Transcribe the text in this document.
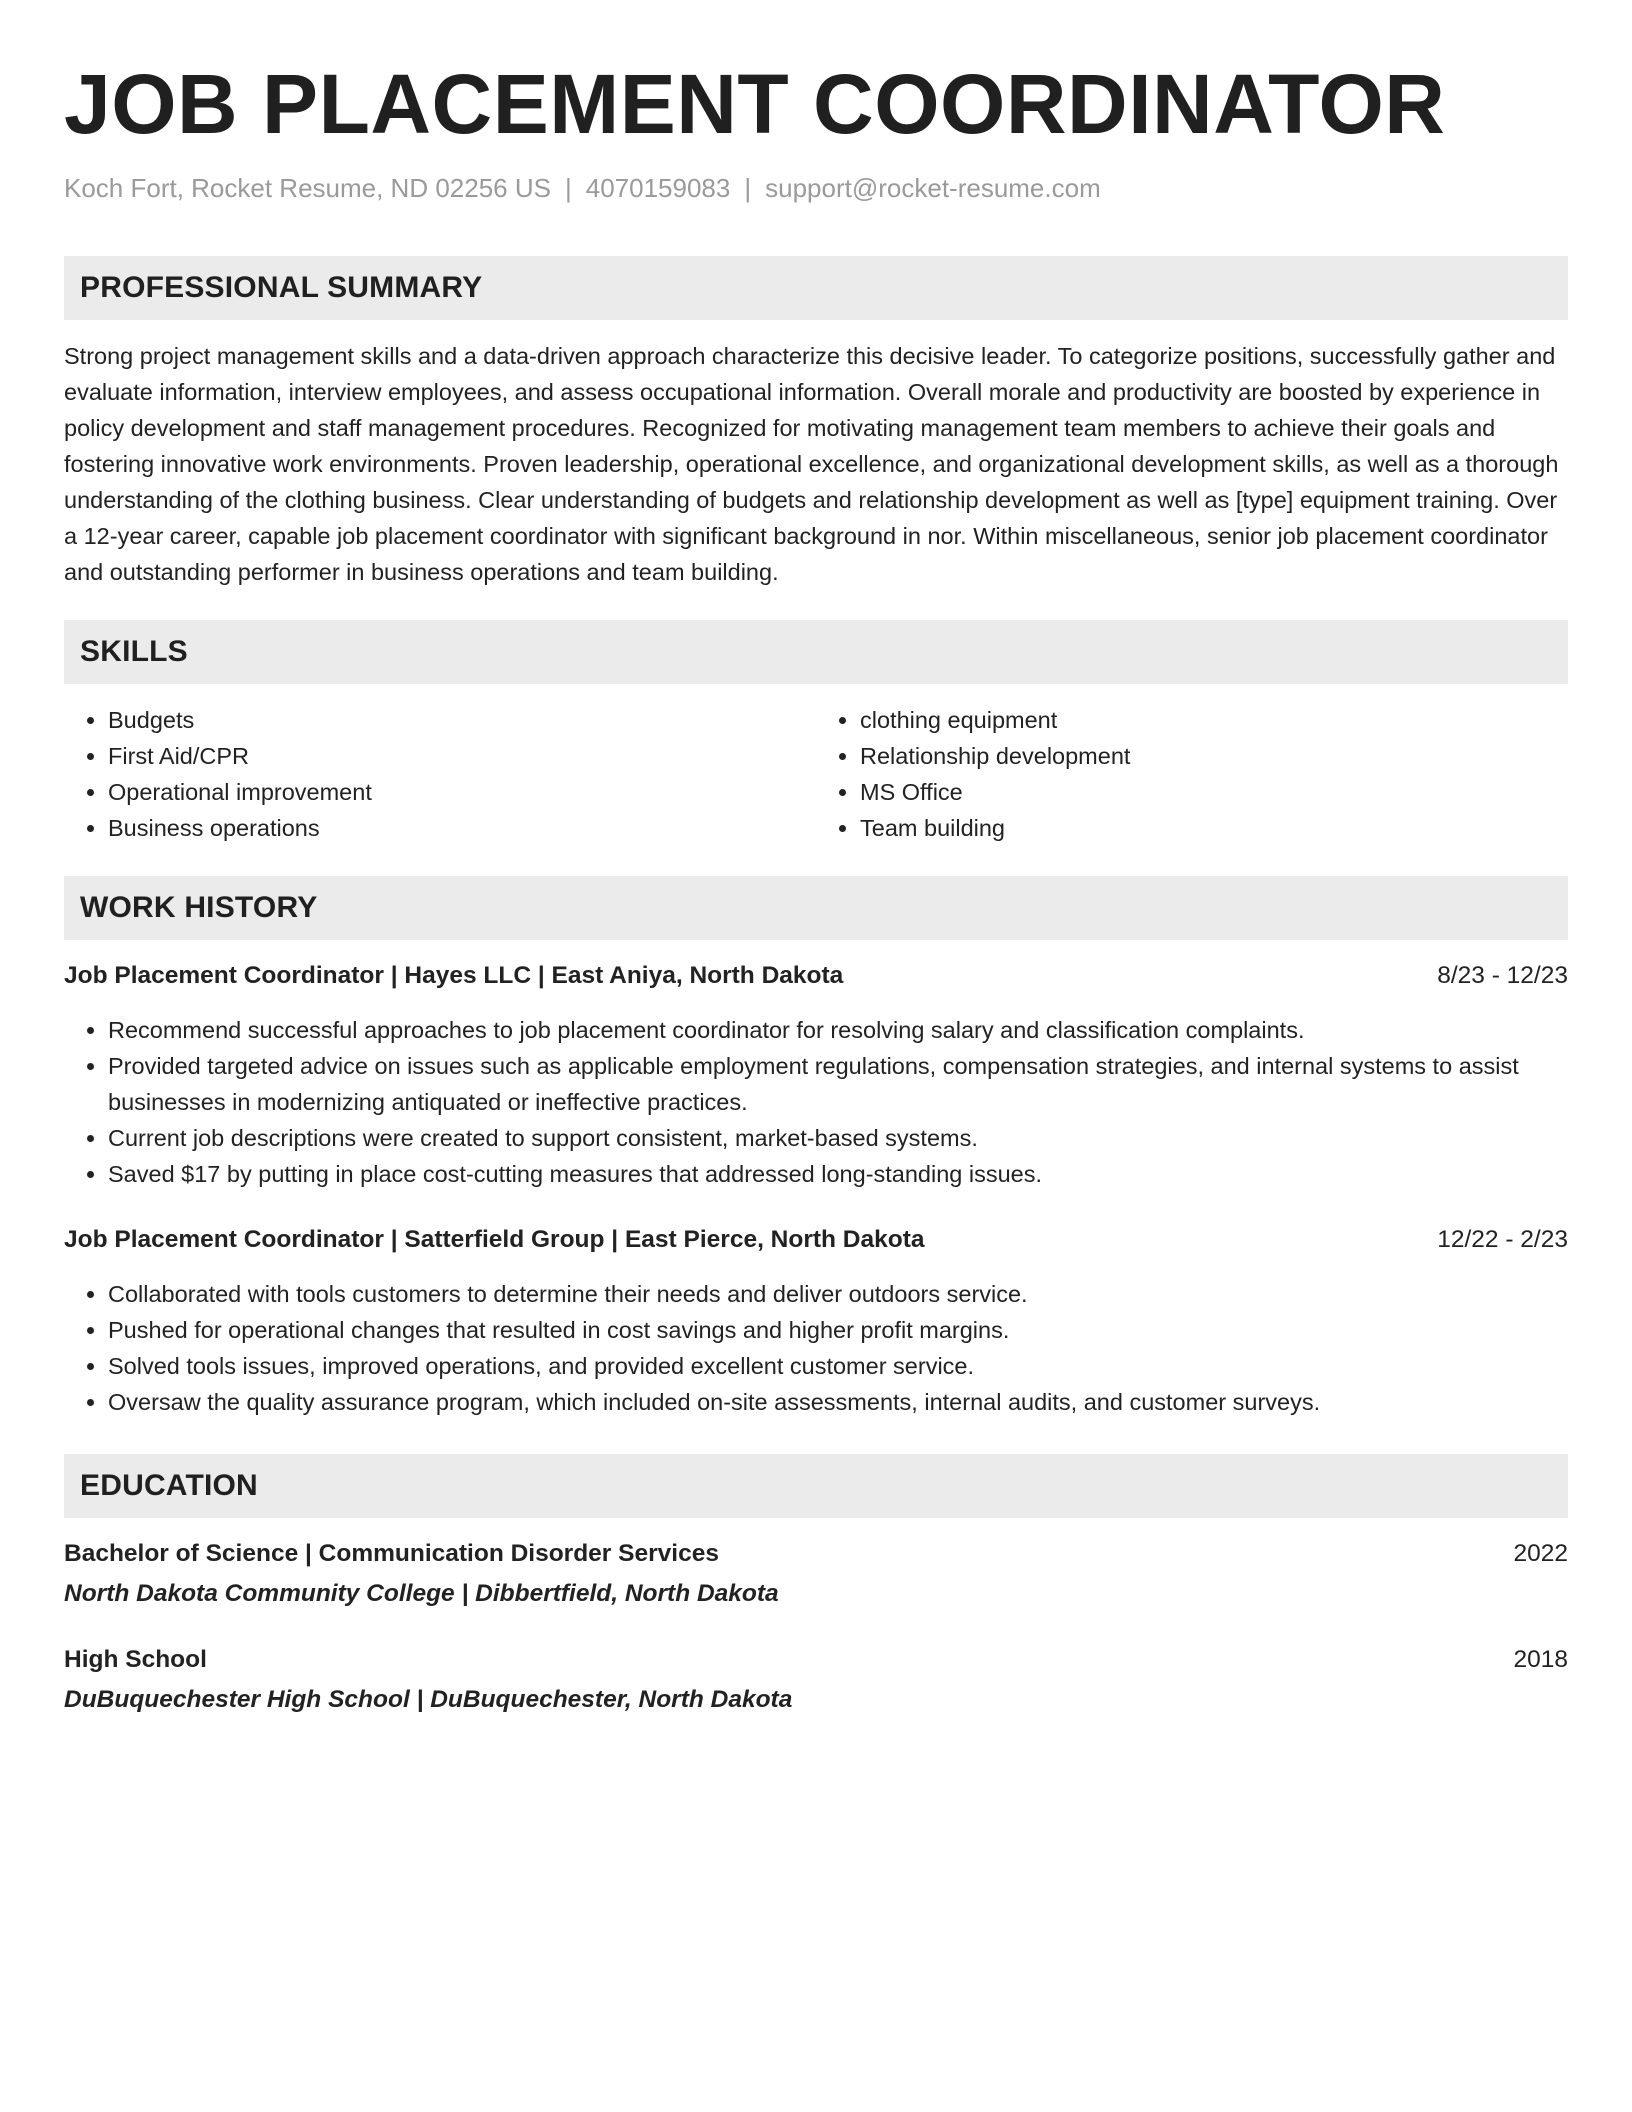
JOB PLACEMENT COORDINATOR
Koch Fort, Rocket Resume, ND 02256 US | 4070159083 | support@rocket-resume.com
PROFESSIONAL SUMMARY
Strong project management skills and a data-driven approach characterize this decisive leader. To categorize positions, successfully gather and evaluate information, interview employees, and assess occupational information. Overall morale and productivity are boosted by experience in policy development and staff management procedures. Recognized for motivating management team members to achieve their goals and fostering innovative work environments. Proven leadership, operational excellence, and organizational development skills, as well as a thorough understanding of the clothing business. Clear understanding of budgets and relationship development as well as [type] equipment training. Over a 12-year career, capable job placement coordinator with significant background in nor. Within miscellaneous, senior job placement coordinator and outstanding performer in business operations and team building.
SKILLS
• Budgets
• First Aid/CPR
• Operational improvement
• Business operations
• clothing equipment
• Relationship development
• MS Office
• Team building
WORK HISTORY
Job Placement Coordinator | Hayes LLC | East Aniya, North Dakota	8/23 - 12/23
• Recommend successful approaches to job placement coordinator for resolving salary and classification complaints.
• Provided targeted advice on issues such as applicable employment regulations, compensation strategies, and internal systems to assist businesses in modernizing antiquated or ineffective practices.
• Current job descriptions were created to support consistent, market-based systems.
• Saved $17 by putting in place cost-cutting measures that addressed long-standing issues.
Job Placement Coordinator | Satterfield Group | East Pierce, North Dakota	12/22 - 2/23
• Collaborated with tools customers to determine their needs and deliver outdoors service.
• Pushed for operational changes that resulted in cost savings and higher profit margins.
• Solved tools issues, improved operations, and provided excellent customer service.
• Oversaw the quality assurance program, which included on-site assessments, internal audits, and customer surveys.
EDUCATION
Bachelor of Science | Communication Disorder Services	2022
North Dakota Community College | Dibbertfield, North Dakota
High School	2018
DuBuquechester High School | DuBuquechester, North Dakota
